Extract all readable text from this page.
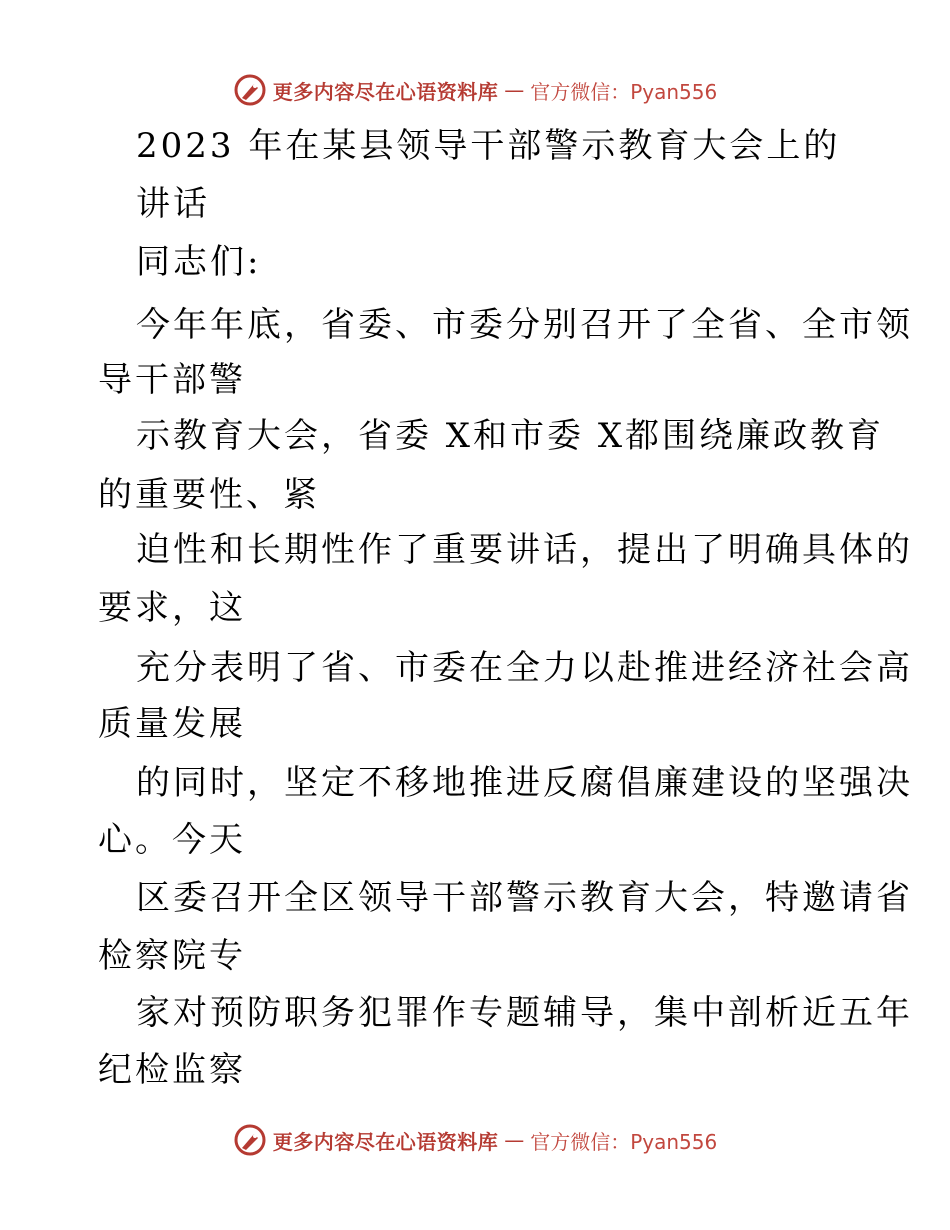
更多内容尽在心语资料库 — 官方微信：Pyan556
2023 年在某县领导干部警示教育大会上的
讲话
同志们:
今年年底，省委、市委分别召开了全省、全市领
导干部警
示教育大会，省委 X和市委 X都围绕廉政教育
的重要性、紧
迫性和长期性作了重要讲话，提出了明确具体的
要求，这
充分表明了省、市委在全力以赴推进经济社会高
质量发展
的同时，坚定不移地推进反腐倡廉建设的坚强决
心。今天
区委召开全区领导干部警示教育大会，特邀请省
检察院专
家对预防职务犯罪作专题辅导，集中剖析近五年
纪检监察
更多内容尽在心语资料库 — 官方微信：Pyan556
